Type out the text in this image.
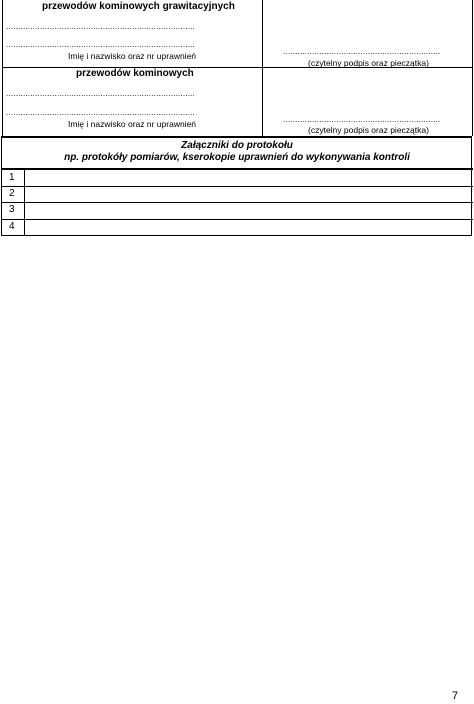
przewodów kominowych grawitacyjnych
..............................................................................
..............................................................................
Imię i nazwisko oraz nr uprawnień	.................................................................
(czytelny podpis oraz pieczątka)
przewodów kominowych
..............................................................................
..............................................................................
Imię i nazwisko oraz nr uprawnień	.................................................................
(czytelny podpis oraz pieczątka)
Załączniki do protokołu
np. protokóły pomiarów, kserokopie uprawnień do wykonywania kontroli
1
2
3
4
7
